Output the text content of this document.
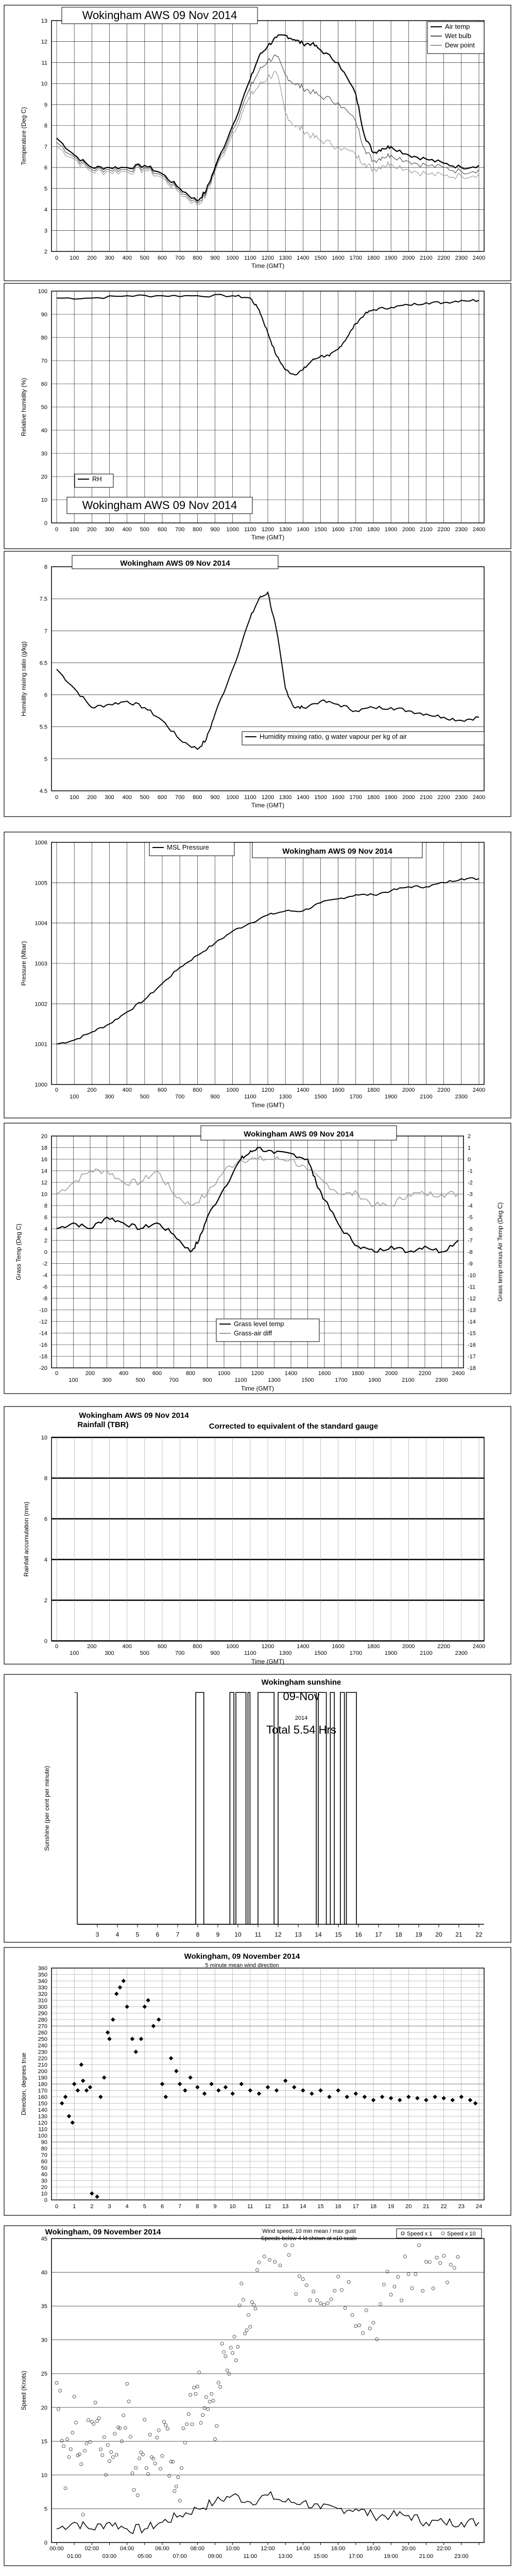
2
3
4
5
6
7
8
9
10
11
12
13
0 100 200 300 400 500 600 700 800 900 1000 1100 1200 1300 1400 1500 1600 1700 1800 1900 2000 2100 2200 2300 2400
Wokingham AWS 09 Nov 2014
Air temp
Wet bulb
Dew point
Time (GMT)
Temperature (Deg C)
0
10
20
30
40
50
60
70
80
90
100
0 100 200 300 400 500 600 700 800 900 1000 1100 1200 1300 1400 1500 1600 1700 1800 1900 2000 2100 2200 2300 2400
RH
Wokingham AWS 09 Nov 2014
Time (GMT)
Relative humidity (%)
4.5
5
5.5
6
6.5
7
7.5
8
0 100 200 300 400 500 600 700 800 900 1000 1100 1200 1300 1400 1500 1600 1700 1800 1900 2000 2100 2200 2300 2400
Wokingham AWS 09 Nov 2014
Humidity mixing ratio, g water vapour per kg of air
Time (GMT)
Humidity mixing ratio (g/kg)
1000
1001
1002
1003
1004
1005
1006
0
100
200
300
400
500
600
700
800
900
1000
1100
1200
1300
1400
1500
1600
1700
1800
1900
2000
2100
2200
2300
2400
MSL Pressure	Wokingham AWS 09 Nov 2014
Time (GMT)
Pressure (Mbar)
-20
-18
-16
-14
-12
-10
-8
-6
-4
-2
0
2
4
6
8
10
12
14
16
18
20
0
100
200
300
400
500
600
700
800
900
1000
1100
1200
1300
1400
1500
1600
1700
1800
1900
2000
2100
2200
2300
2400
-18
-17
-16
-15
-14
-13
-12
-11
-10
-9
-8
-7
-6
-5
-4
-3
-2
-1
0
1
2
Wokingham AWS 09 Nov 2014
Grass level temp
Grass-air diff
Time (GMT)
Grass Temp (Deg C)	Grass temp minus Air Temp (Deg C)
0
2
4
6
8
10
0
100
200
300
400
500
600
700
800
900
1000
1100
1200
1300
1400
1500
1600
1700
1800
1900
2000
2100
2200
2300
2400
Wokingham AWS 09 Nov 2014
Rainfall (TBR)	Corrected to equivalent of the standard gauge
Time (GMT)
Rainfall accumulation (mm)
3	4	5	6	7	8	9 10 11 12 13 14 15 16 17 18 19 20 21 22
Wokingham sunshine
09-Nov
2014
Total 5.54 Hrs
Sunshine (per cent per minute)
0
10
20
30
40
50
60
70
80
90
100
110
120
130
140
150
160
170
180
190
200
210
220
230
240
250
260
270
280
290
300
310
320
330
340
350
360
0	1	2	3	4	5	6	7	8	9 10 11 12 13 14 15 16 17 18 19 20 21 22 23 24
Wokingham, 09 November 2014
5 minute mean wind direction
Direction, degrees true
0
5
10
15
20
25
30
35
40
45
00:00	02:00	04:00	06:00	08:00	10:00	12:00	14:00	16:00	18:00	20:00	22:00
01:00	03:00	05:00	07:00	09:00	11:00	13:00	15:00	17:00	19:00	21:00	23:00
Wokingham, 09 November 2014	Wind speed, 10 min mean / max gust
Speeds below 4 kt shown at x10 scale
Speed x 1	Speed x 10
Speed (Knots)
